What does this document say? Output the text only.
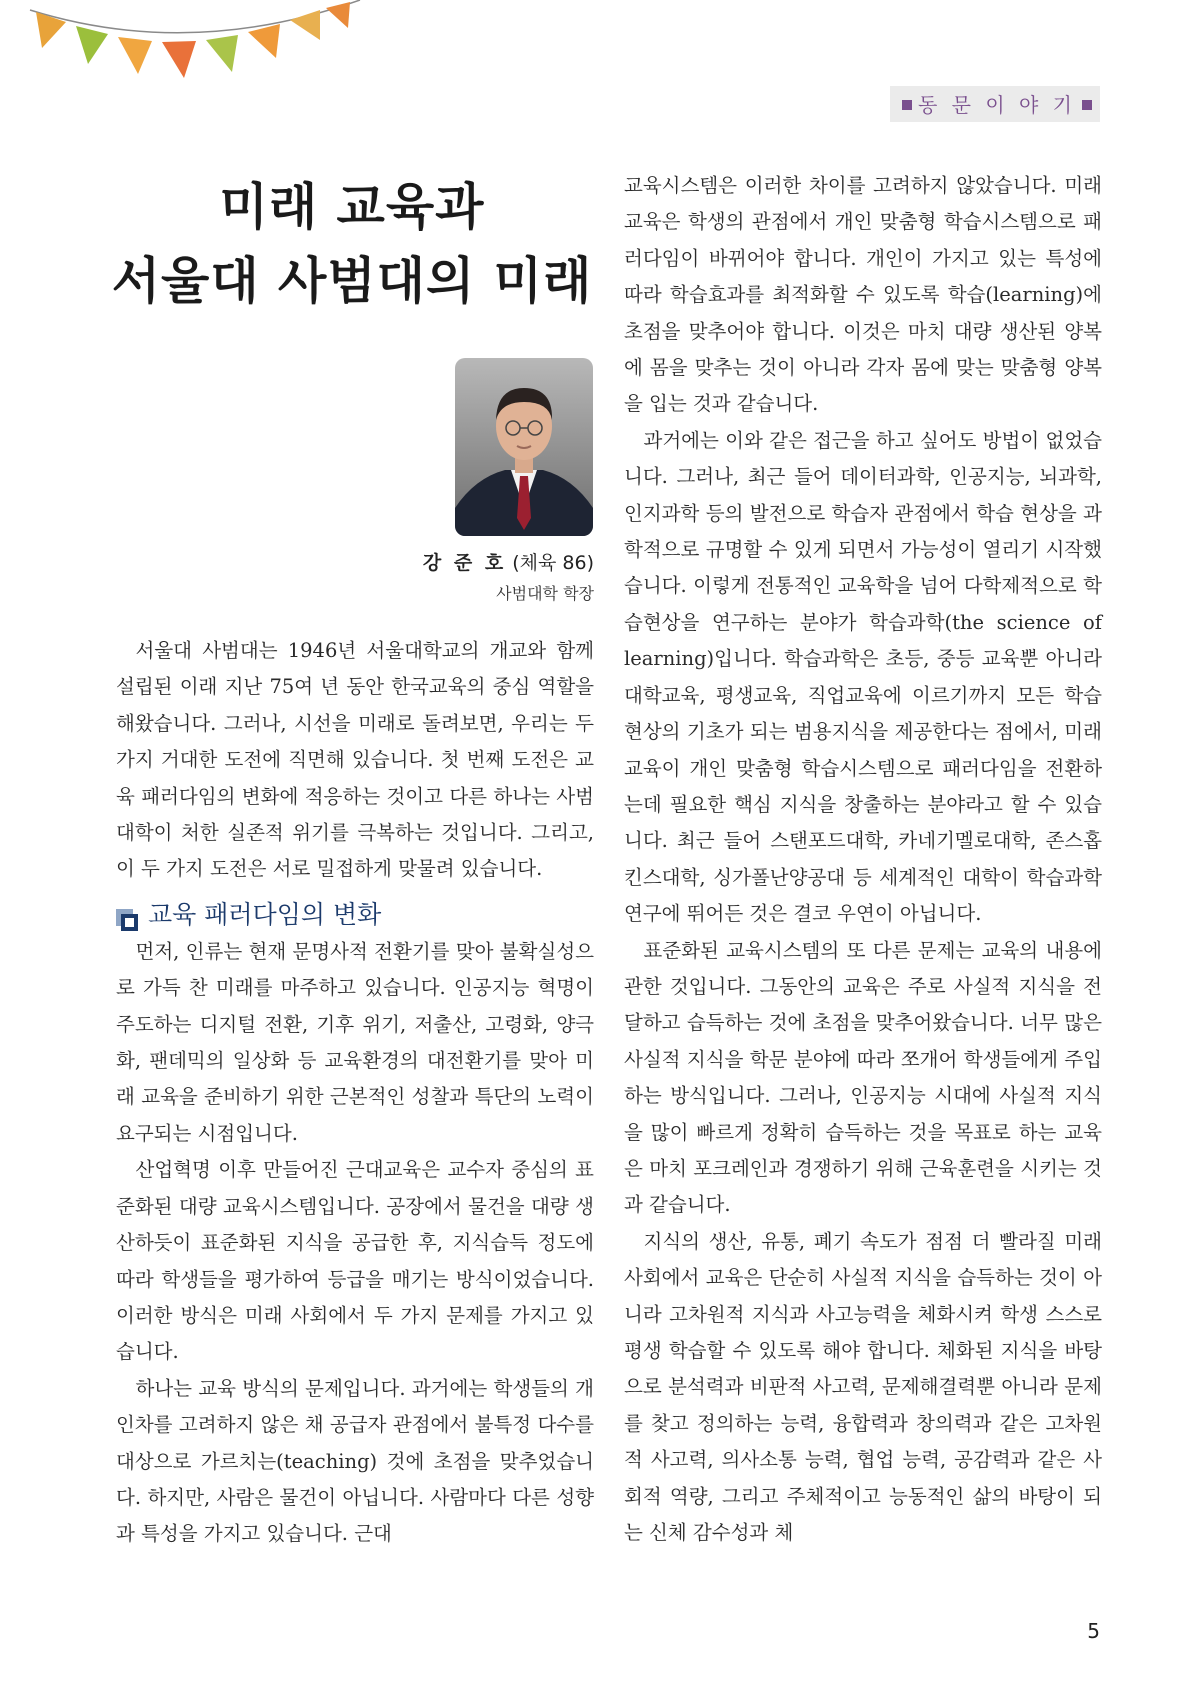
동 문 이 야 기
미래 교육과
서울대 사범대의 미래
강 준 호 (체육 86)
사범대학 학장

서울대 사범대는 1946년 서울대학교의 개교와 함께 설립된 이래 지난 75여 년 동안 한국교육의 중심 역할을 해왔습니다. 그러나, 시선을 미래로 돌려보면, 우리는 두 가지 거대한 도전에 직면해 있습니다. 첫 번째 도전은 교육 패러다임의 변화에 적응하는 것이고 다른 하나는 사범대학이 처한 실존적 위기를 극복하는 것입니다. 그리고, 이 두 가지 도전은 서로 밀접하게 맞물려 있습니다.

교육 패러다임의 변화

먼저, 인류는 현재 문명사적 전환기를 맞아 불확실성으로 가득 찬 미래를 마주하고 있습니다. 인공지능 혁명이 주도하는 디지털 전환, 기후 위기, 저출산, 고령화, 양극화, 팬데믹의 일상화 등 교육환경의 대전환기를 맞아 미래 교육을 준비하기 위한 근본적인 성찰과 특단의 노력이 요구되는 시점입니다.

산업혁명 이후 만들어진 근대교육은 교수자 중심의 표준화된 대량 교육시스템입니다. 공장에서 물건을 대량 생산하듯이 표준화된 지식을 공급한 후, 지식습득 정도에 따라 학생들을 평가하여 등급을 매기는 방식이었습니다. 이러한 방식은 미래 사회에서 두 가지 문제를 가지고 있습니다.

하나는 교육 방식의 문제입니다. 과거에는 학생들의 개인차를 고려하지 않은 채 공급자 관점에서 불특정 다수를 대상으로 가르치는(teaching) 것에 초점을 맞추었습니다. 하지만, 사람은 물건이 아닙니다. 사람마다 다른 성향과 특성을 가지고 있습니다. 근대

교육시스템은 이러한 차이를 고려하지 않았습니다. 미래 교육은 학생의 관점에서 개인 맞춤형 학습시스템으로 패러다임이 바뀌어야 합니다. 개인이 가지고 있는 특성에 따라 학습효과를 최적화할 수 있도록 학습(learning)에 초점을 맞추어야 합니다. 이것은 마치 대량 생산된 양복에 몸을 맞추는 것이 아니라 각자 몸에 맞는 맞춤형 양복을 입는 것과 같습니다.

과거에는 이와 같은 접근을 하고 싶어도 방법이 없었습니다. 그러나, 최근 들어 데이터과학, 인공지능, 뇌과학, 인지과학 등의 발전으로 학습자 관점에서 학습 현상을 과학적으로 규명할 수 있게 되면서 가능성이 열리기 시작했습니다. 이렇게 전통적인 교육학을 넘어 다학제적으로 학습현상을 연구하는 분야가 학습과학(the science of learning)입니다. 학습과학은 초등, 중등 교육뿐 아니라 대학교육, 평생교육, 직업교육에 이르기까지 모든 학습 현상의 기초가 되는 범용지식을 제공한다는 점에서, 미래 교육이 개인 맞춤형 학습시스템으로 패러다임을 전환하는데 필요한 핵심 지식을 창출하는 분야라고 할 수 있습니다. 최근 들어 스탠포드대학, 카네기멜로대학, 존스홉킨스대학, 싱가폴난양공대 등 세계적인 대학이 학습과학 연구에 뛰어든 것은 결코 우연이 아닙니다.

표준화된 교육시스템의 또 다른 문제는 교육의 내용에 관한 것입니다. 그동안의 교육은 주로 사실적 지식을 전달하고 습득하는 것에 초점을 맞추어왔습니다. 너무 많은 사실적 지식을 학문 분야에 따라 쪼개어 학생들에게 주입하는 방식입니다. 그러나, 인공지능 시대에 사실적 지식을 많이 빠르게 정확히 습득하는 것을 목표로 하는 교육은 마치 포크레인과 경쟁하기 위해 근육훈련을 시키는 것과 같습니다.

지식의 생산, 유통, 폐기 속도가 점점 더 빨라질 미래 사회에서 교육은 단순히 사실적 지식을 습득하는 것이 아니라 고차원적 지식과 사고능력을 체화시켜 학생 스스로 평생 학습할 수 있도록 해야 합니다. 체화된 지식을 바탕으로 분석력과 비판적 사고력, 문제해결력뿐 아니라 문제를 찾고 정의하는 능력, 융합력과 창의력과 같은 고차원적 사고력, 의사소통 능력, 협업 능력, 공감력과 같은 사회적 역량, 그리고 주체적이고 능동적인 삶의 바탕이 되는 신체 감수성과 체

5
